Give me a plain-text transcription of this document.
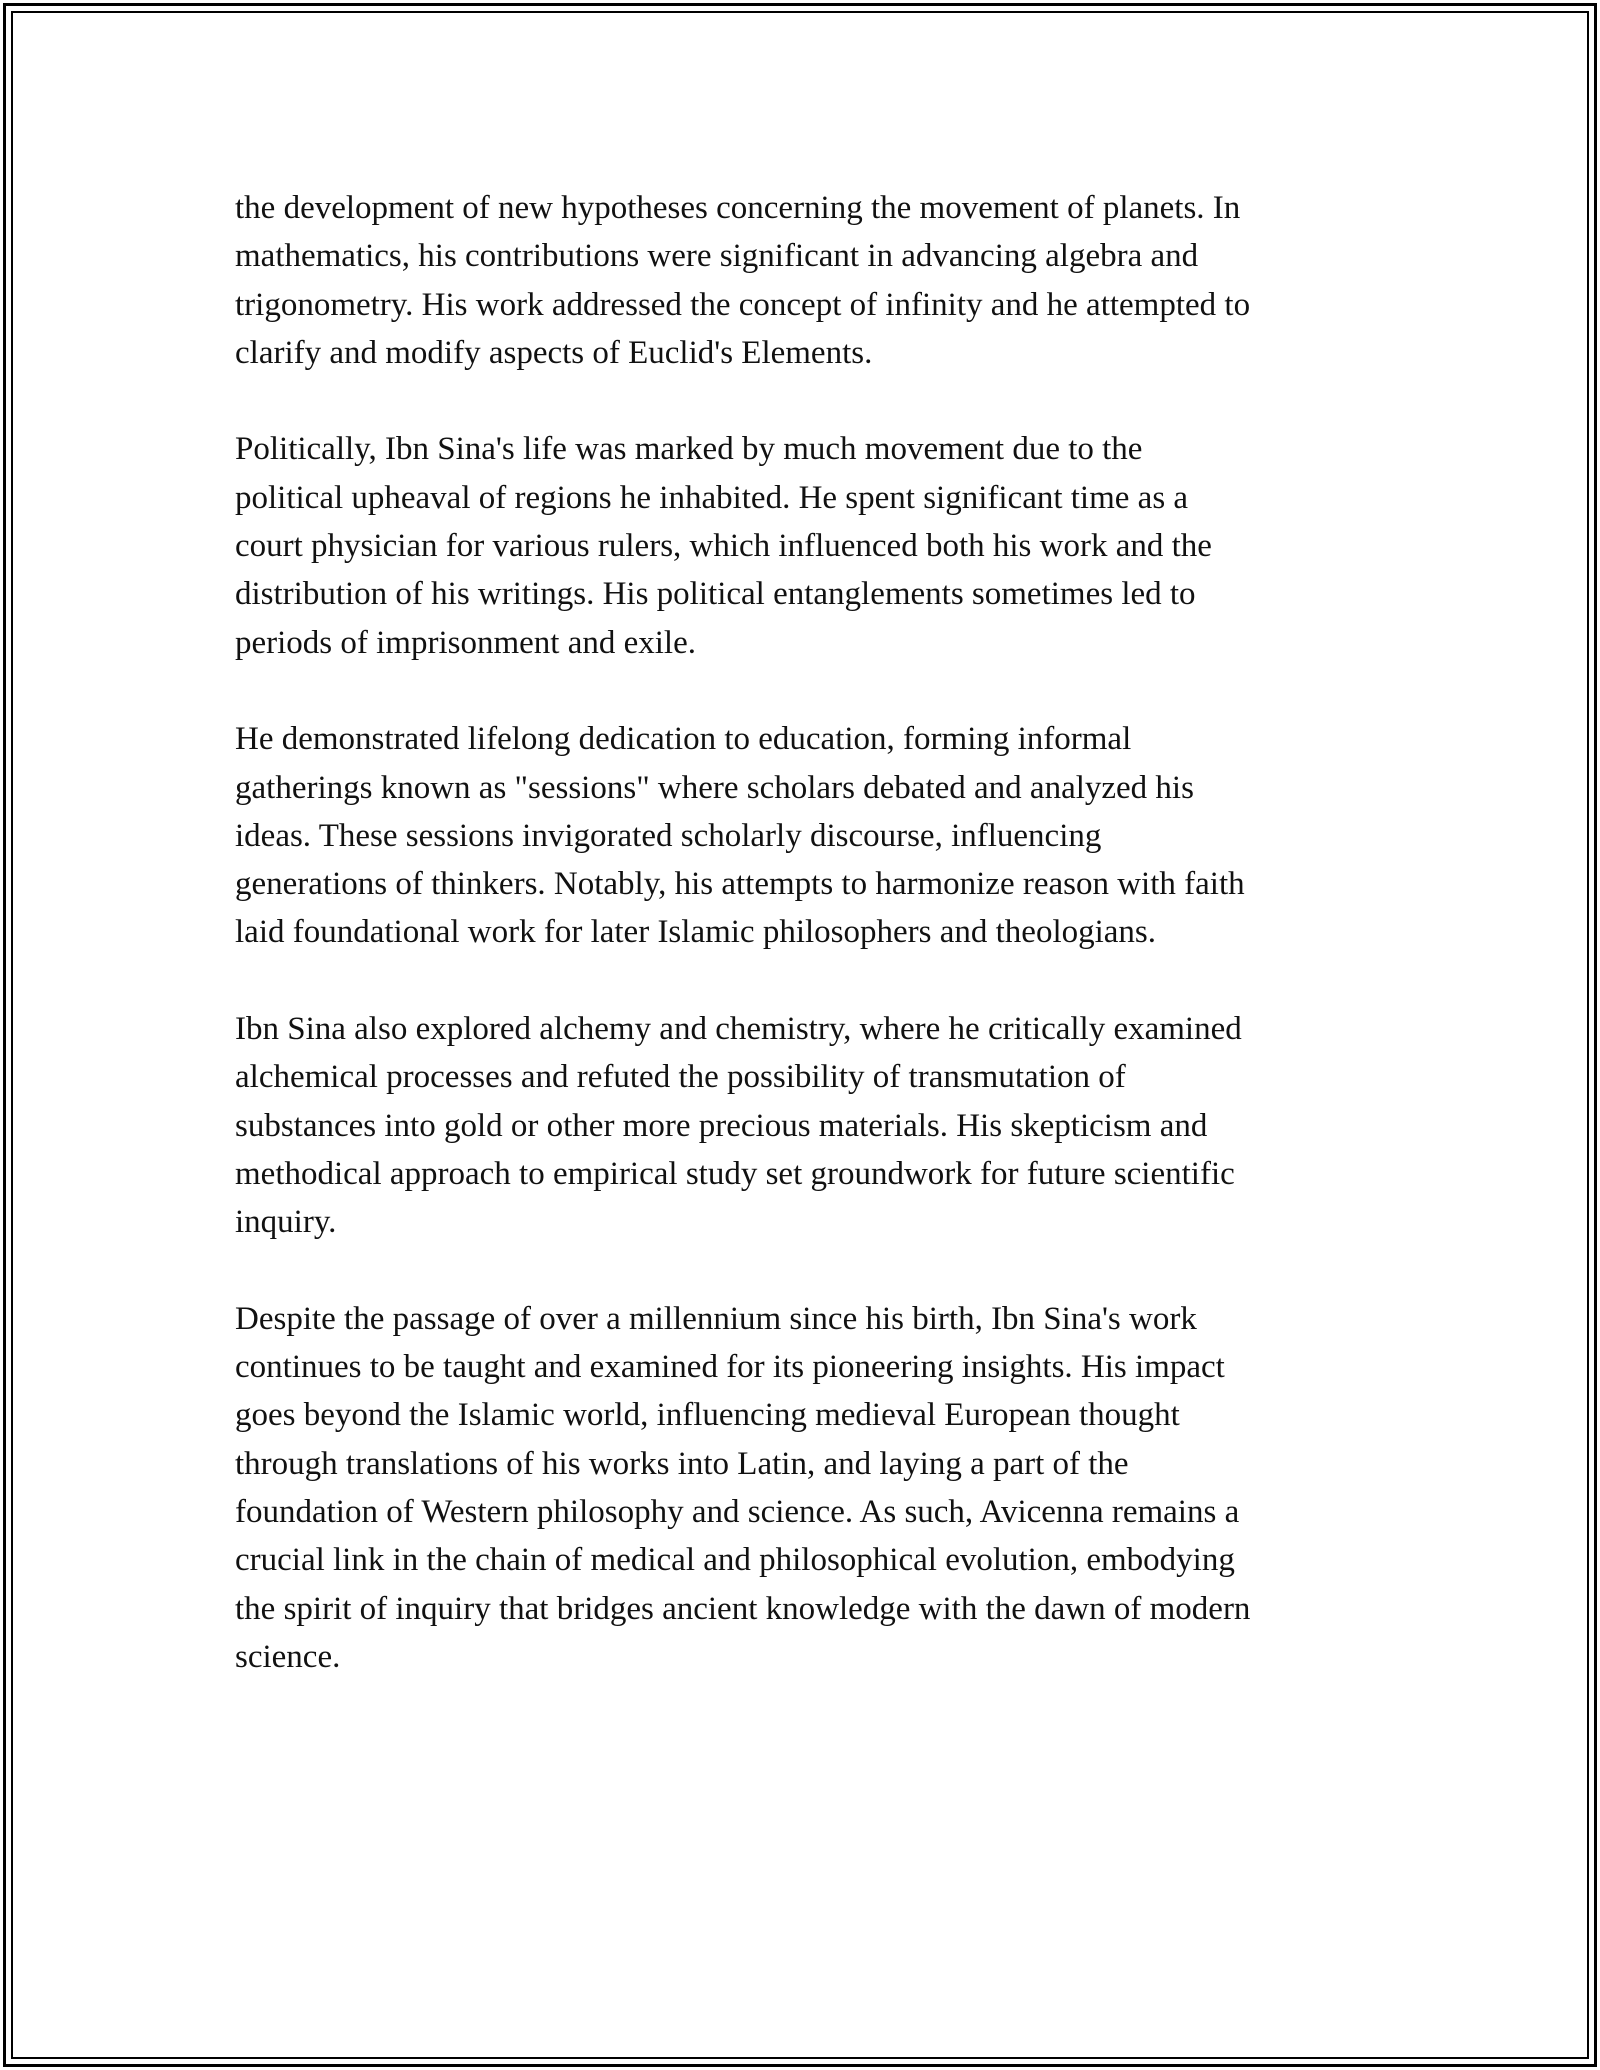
the development of new hypotheses concerning the movement of planets. In
mathematics, his contributions were significant in advancing algebra and
trigonometry. His work addressed the concept of infinity and he attempted to
clarify and modify aspects of Euclid's Elements.

Politically, Ibn Sina's life was marked by much movement due to the
political upheaval of regions he inhabited. He spent significant time as a
court physician for various rulers, which influenced both his work and the
distribution of his writings. His political entanglements sometimes led to
periods of imprisonment and exile.

He demonstrated lifelong dedication to education, forming informal
gatherings known as "sessions" where scholars debated and analyzed his
ideas. These sessions invigorated scholarly discourse, influencing
generations of thinkers. Notably, his attempts to harmonize reason with faith
laid foundational work for later Islamic philosophers and theologians.

Ibn Sina also explored alchemy and chemistry, where he critically examined
alchemical processes and refuted the possibility of transmutation of
substances into gold or other more precious materials. His skepticism and
methodical approach to empirical study set groundwork for future scientific
inquiry.

Despite the passage of over a millennium since his birth, Ibn Sina's work
continues to be taught and examined for its pioneering insights. His impact
goes beyond the Islamic world, influencing medieval European thought
through translations of his works into Latin, and laying a part of the
foundation of Western philosophy and science. As such, Avicenna remains a
crucial link in the chain of medical and philosophical evolution, embodying
the spirit of inquiry that bridges ancient knowledge with the dawn of modern
science.
